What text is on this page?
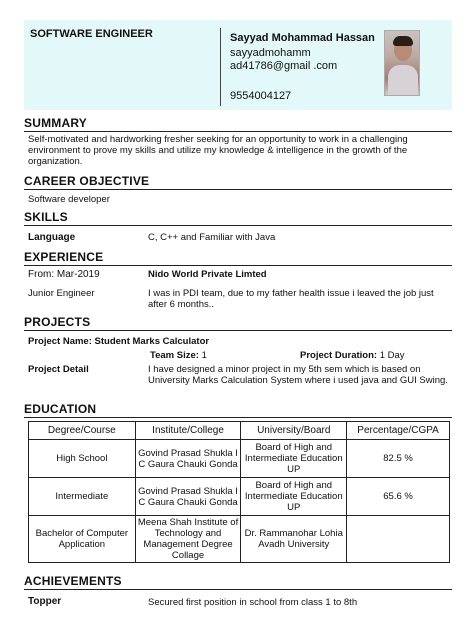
SOFTWARE ENGINEER	Sayyad Mohammad Hassan
sayyadmohamm ad41786@gmail .com
9554004127
SUMMARY
Self-motivated and hardworking fresher seeking for an opportunity to work in a challenging environment to prove my skills and utilize my knowledge & intelligence in the growth of the organization.
CAREER OBJECTIVE
Software developer
SKILLS
Language	C, C++ and Familiar with Java
EXPERIENCE
From: Mar-2019	Nido World Private Limted
Junior Engineer	I was in PDI team, due to my father health issue i leaved the job just after 6 months..
PROJECTS
Project Name: Student Marks Calculator
Team Size: 1	Project Duration: 1 Day
Project Detail	I have designed a minor project in my 5th sem which is based on University Marks Calculation System where i used java and GUI Swing.
EDUCATION
Degree/Course	Institute/College	University/Board	Percentage/CGPA
High School	Govind Prasad Shukla I C Gaura Chauki Gonda	Board of High and Intermediate Education UP	82.5 %
Intermediate	Govind Prasad Shukla I C Gaura Chauki Gonda	Board of High and Intermediate Education UP	65.6 %
Bachelor of Computer Application	Meena Shah Institute of Technology and Management Degree Collage	Dr. Rammanohar Lohia Avadh University	
ACHIEVEMENTS
Topper	Secured first position in school from class 1 to 8th
